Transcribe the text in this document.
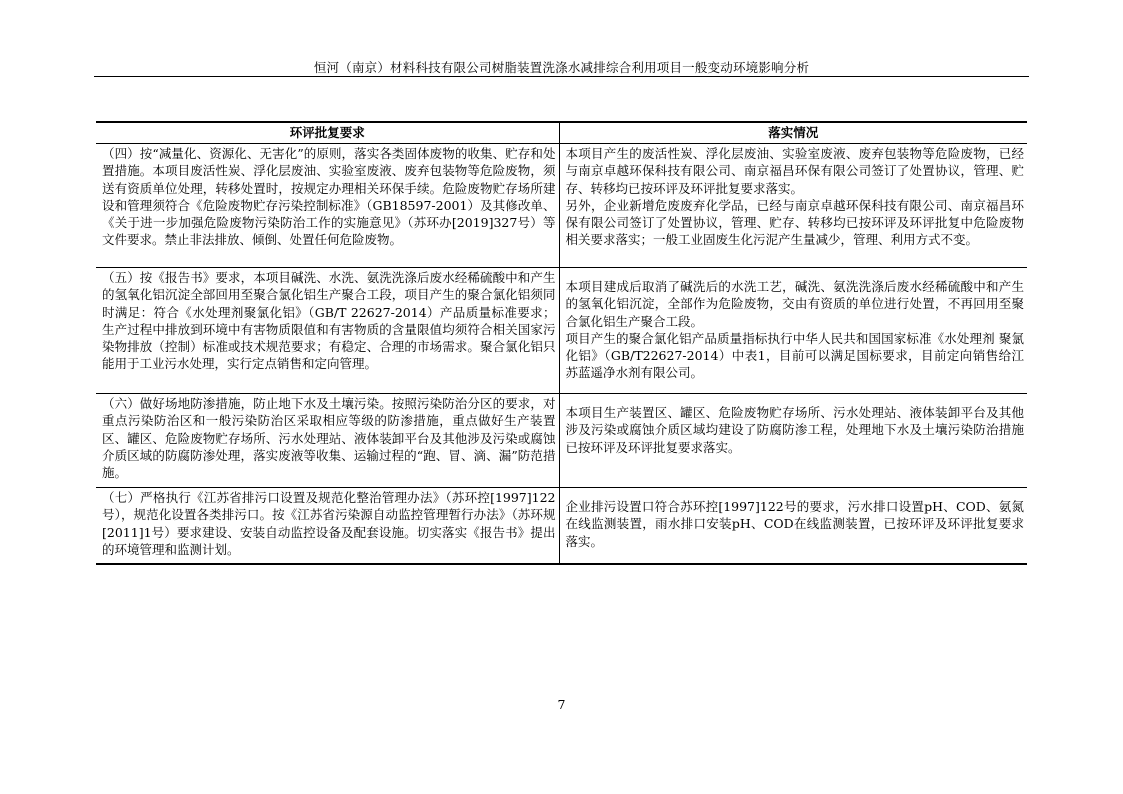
恒河（南京）材料科技有限公司树脂装置洗涤水减排综合利用项目一般变动环境影响分析
环评批复要求	落实情况
（四）按“减量化、资源化、无害化”的原则，落实各类固体废物的收集、贮存和处置措施。本项目废活性炭、浮化层废油、实验室废液、废弃包装物等危险废物，须送有资质单位处理，转移处置时，按规定办理相关环保手续。危险废物贮存场所建设和管理须符合《危险废物贮存污染控制标准》（GB18597-2001）及其修改单、《关于进一步加强危险废物污染防治工作的实施意见》（苏环办[2019]327号）等文件要求。禁止非法排放、倾倒、处置任何危险废物。	本项目产生的废活性炭、浮化层废油、实验室废液、废弃包装物等危险废物，已经与南京卓越环保科技有限公司、南京福昌环保有限公司签订了处置协议，管理、贮存、转移均已按环评及环评批复要求落实。

另外，企业新增危废废弃化学品，已经与南京卓越环保科技有限公司、南京福昌环保有限公司签订了处置协议，管理、贮存、转移均已按环评及环评批复中危险废物相关要求落实；一般工业固废生化污泥产生量减少，管理、利用方式不变。

（五）按《报告书》要求，本项目碱洗、水洗、氨洗洗涤后废水经稀硫酸中和产生的氢氧化铝沉淀全部回用至聚合氯化铝生产聚合工段，项目产生的聚合氯化铝须同时满足：符合《水处理剂聚氯化铝》（GB/T 22627-2014）产品质量标准要求；生产过程中排放到环境中有害物质限值和有害物质的含量限值均须符合相关国家污染物排放（控制）标准或技术规范要求；有稳定、合理的市场需求。聚合氯化铝只能用于工业污水处理，实行定点销售和定向管理。	本项目建成后取消了碱洗后的水洗工艺，碱洗、氨洗洗涤后废水经稀硫酸中和产生的氢氧化铝沉淀，全部作为危险废物，交由有资质的单位进行处置，不再回用至聚合氯化铝生产聚合工段。

项目产生的聚合氯化铝产品质量指标执行中华人民共和国国家标准《水处理剂 聚氯化铝》（GB/T22627-2014）中表1，目前可以满足国标要求，目前定向销售给江苏蓝遥净水剂有限公司。

（六）做好场地防渗措施，防止地下水及土壤污染。按照污染防治分区的要求，对重点污染防治区和一般污染防治区采取相应等级的防渗措施，重点做好生产装置区、罐区、危险废物贮存场所、污水处理站、液体装卸平台及其他涉及污染或腐蚀介质区域的防腐防渗处理，落实废液等收集、运输过程的“跑、冒、滴、漏”防范措施。	本项目生产装置区、罐区、危险废物贮存场所、污水处理站、液体装卸平台及其他涉及污染或腐蚀介质区域均建设了防腐防渗工程，处理地下水及土壤污染防治措施已按环评及环评批复要求落实。

（七）严格执行《江苏省排污口设置及规范化整治管理办法》（苏环控[1997]122号），规范化设置各类排污口。按《江苏省污染源自动监控管理暂行办法》（苏环规[2011]1号）要求建设、安装自动监控设备及配套设施。切实落实《报告书》提出的环境管理和监测计划。	企业排污设置口符合苏环控[1997]122号的要求，污水排口设置pH、COD、氨氮在线监测装置，雨水排口安装pH、COD在线监测装置，已按环评及环评批复要求落实。

7
